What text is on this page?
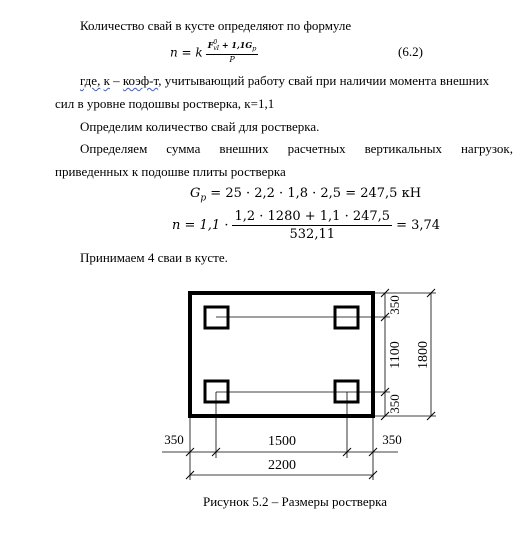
Количество свай в кусте определяют по формуле
n = k F 0
vI + $1,1G_p$
P	(6.2)
где, к – коэф-т, учитывающий работу свай при наличии момента внешних
сил в уровне подошвы ростверка, к=1,1
Определим количество свай для ростверка.
Определяем сумма внешних расчетных вертикальных нагрузок,
приведенных к подошве плиты ростверка
$G_p = 25 \cdot 2,2 \cdot 1,8 \cdot 2,5 = 247,5$ кН
$n = 1,1 \cdot \frac{1,2 \cdot 1280 + 1,1 \cdot 247,5}{532,11} = 3,74$
Принимаем 4 сваи в кусте.
350
1100
350
1800
350	1500	350
2200
Рисунок 5.2 – Размеры ростверка
